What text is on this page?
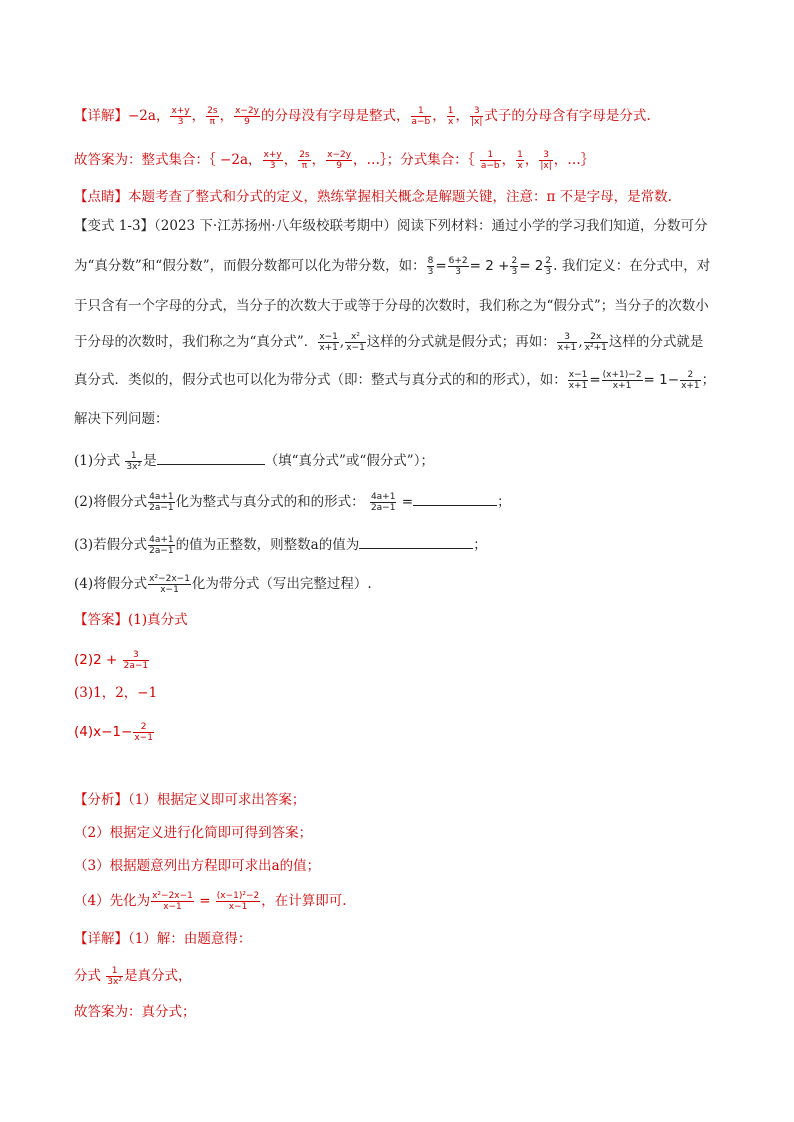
【详解】−2a， $\frac{x+y}{3}$ ， $\frac{2s}{\pi}$ ， $\frac{x-2y}{9}$ 的分母没有字母是整式， $\frac{1}{a-b}$ ， $\frac{1}{x}$ ， $\frac{3}{|x|}$ 式子的分母含有字母是分式.
故答案为：整式集合：｛ −2a， $\frac{x+y}{3}$ ， $\frac{2s}{\pi}$ ， $\frac{x-2y}{9}$ ，…｝；分式集合：｛ $\frac{1}{a-b}$ ， $\frac{1}{x}$ ， $\frac{3}{|x|}$ ，…｝
【点睛】本题考查了整式和分式的定义，熟练掌握相关概念是解题关键，注意：π 不是字母，是常数.
【变式 1-3】（2023 下·江苏扬州·八年级校联考期中）阅读下列材料：通过小学的学习我们知道，分数可分
为“真分数”和“假分数”，而假分数都可以化为带分数，如： $\frac{8}{3} = \frac{6+2}{3} = 2 + \frac{2}{3} = 2 \frac{2}{3}$ . 我们定义：在分式中，对
于只含有一个字母的分式，当分子的次数大于或等于分母的次数时，我们称之为“假分式”；当分子的次数小
于分母的次数时，我们称之为“真分式”． $\frac{x-1}{x+1}$ , $\frac{\text{x²}}{x-1}$ 这样的分式就是假分式；再如： $\frac{3}{x+1}$ , $\frac{2x}{\text{x²+1}}$ 这样的分式就是
真分式．类似的，假分式也可以化为带分式（即：整式与真分式的和的形式），如： $\frac{x-1}{x+1} = \frac{(x+1)-2}{x+1} = 1- \frac{2}{x+1}$ ；
解决下列问题：
(1)分式 $\frac{1}{\text{3x²}}$ 是	（填“真分式”或“假分式”）；
(2)将假分式 $\frac{4a+1}{2a-1}$ 化为整式与真分式的和的形式： $\frac{4a+1}{2a-1}$ =	；
(3)若假分式 $\frac{4a+1}{2a-1}$ 的值为正整数，则整数a的值为	；
(4)将假分式 $\frac{\text{x²−2x−1}}{x-1}$ 化为带分式（写出完整过程）.
【答案】(1)真分式
$(2)2 + \frac{3}{2a-1}$
(3)1，2，−1
$(4)x-1- \frac{2}{x-1}$
【分析】（1）根据定义即可求出答案；
（2）根据定义进行化简即可得到答案；
（3）根据题意列出方程即可求出a的值；
（4）先化为 $\frac{\text{x²−2x−1}}{x-1} = \frac{\text{(x−1)²−2}}{x-1}$ ，在计算即可.
【详解】（1）解：由题意得：
分式 $\frac{1}{\text{3x²}}$ 是真分式，
故答案为：真分式；
